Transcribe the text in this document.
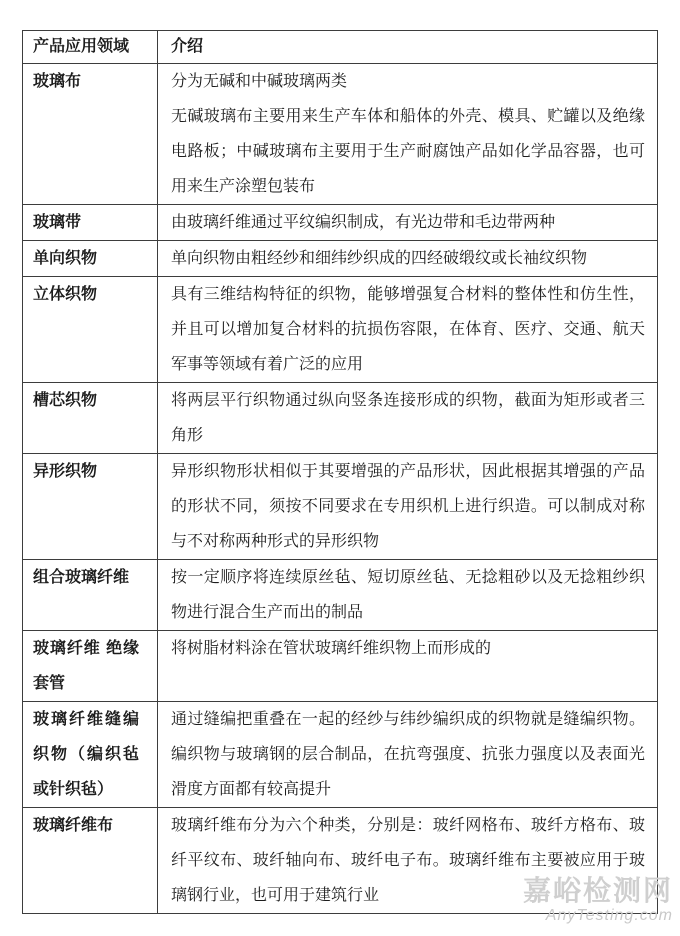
产品应用领域	介绍
玻璃布	分为无碱和中碱玻璃两类
无碱玻璃布主要用来生产车体和船体的外壳、模具、贮罐以及绝缘电路板；中碱玻璃布主要用于生产耐腐蚀产品如化学品容器，也可用来生产涂塑包装布

玻璃带	由玻璃纤维通过平纹编织制成，有光边带和毛边带两种

单向织物	单向织物由粗经纱和细纬纱织成的四经破缎纹或长袖纹织物

立体织物	具有三维结构特征的织物，能够增强复合材料的整体性和仿生性，并且可以增加复合材料的抗损伤容限，在体育、医疗、交通、航天军事等领域有着广泛的应用

槽芯织物	将两层平行织物通过纵向竖条连接形成的织物，截面为矩形或者三角形

异形织物	异形织物形状相似于其要增强的产品形状，因此根据其增强的产品的形状不同，须按不同要求在专用织机上进行织造。可以制成对称与不对称两种形式的异形织物

组合玻璃纤维	按一定顺序将连续原丝毡、短切原丝毡、无捻粗砂以及无捻粗纱织物进行混合生产而出的制品

玻璃纤维 绝缘套管	将树脂材料涂在管状玻璃纤维织物上而形成的

玻璃纤维缝编织物（编织毡或针织毡）	通过缝编把重叠在一起的经纱与纬纱编织成的织物就是缝编织物。编织物与玻璃钢的层合制品，在抗弯强度、抗张力强度以及表面光滑度方面都有较高提升

玻璃纤维布	玻璃纤维布分为六个种类，分别是：玻纤网格布、玻纤方格布、玻纤平纹布、玻纤轴向布、玻纤电子布。玻璃纤维布主要被应用于玻璃钢行业，也可用于建筑行业	嘉峪检测网
AnyTesting.com
